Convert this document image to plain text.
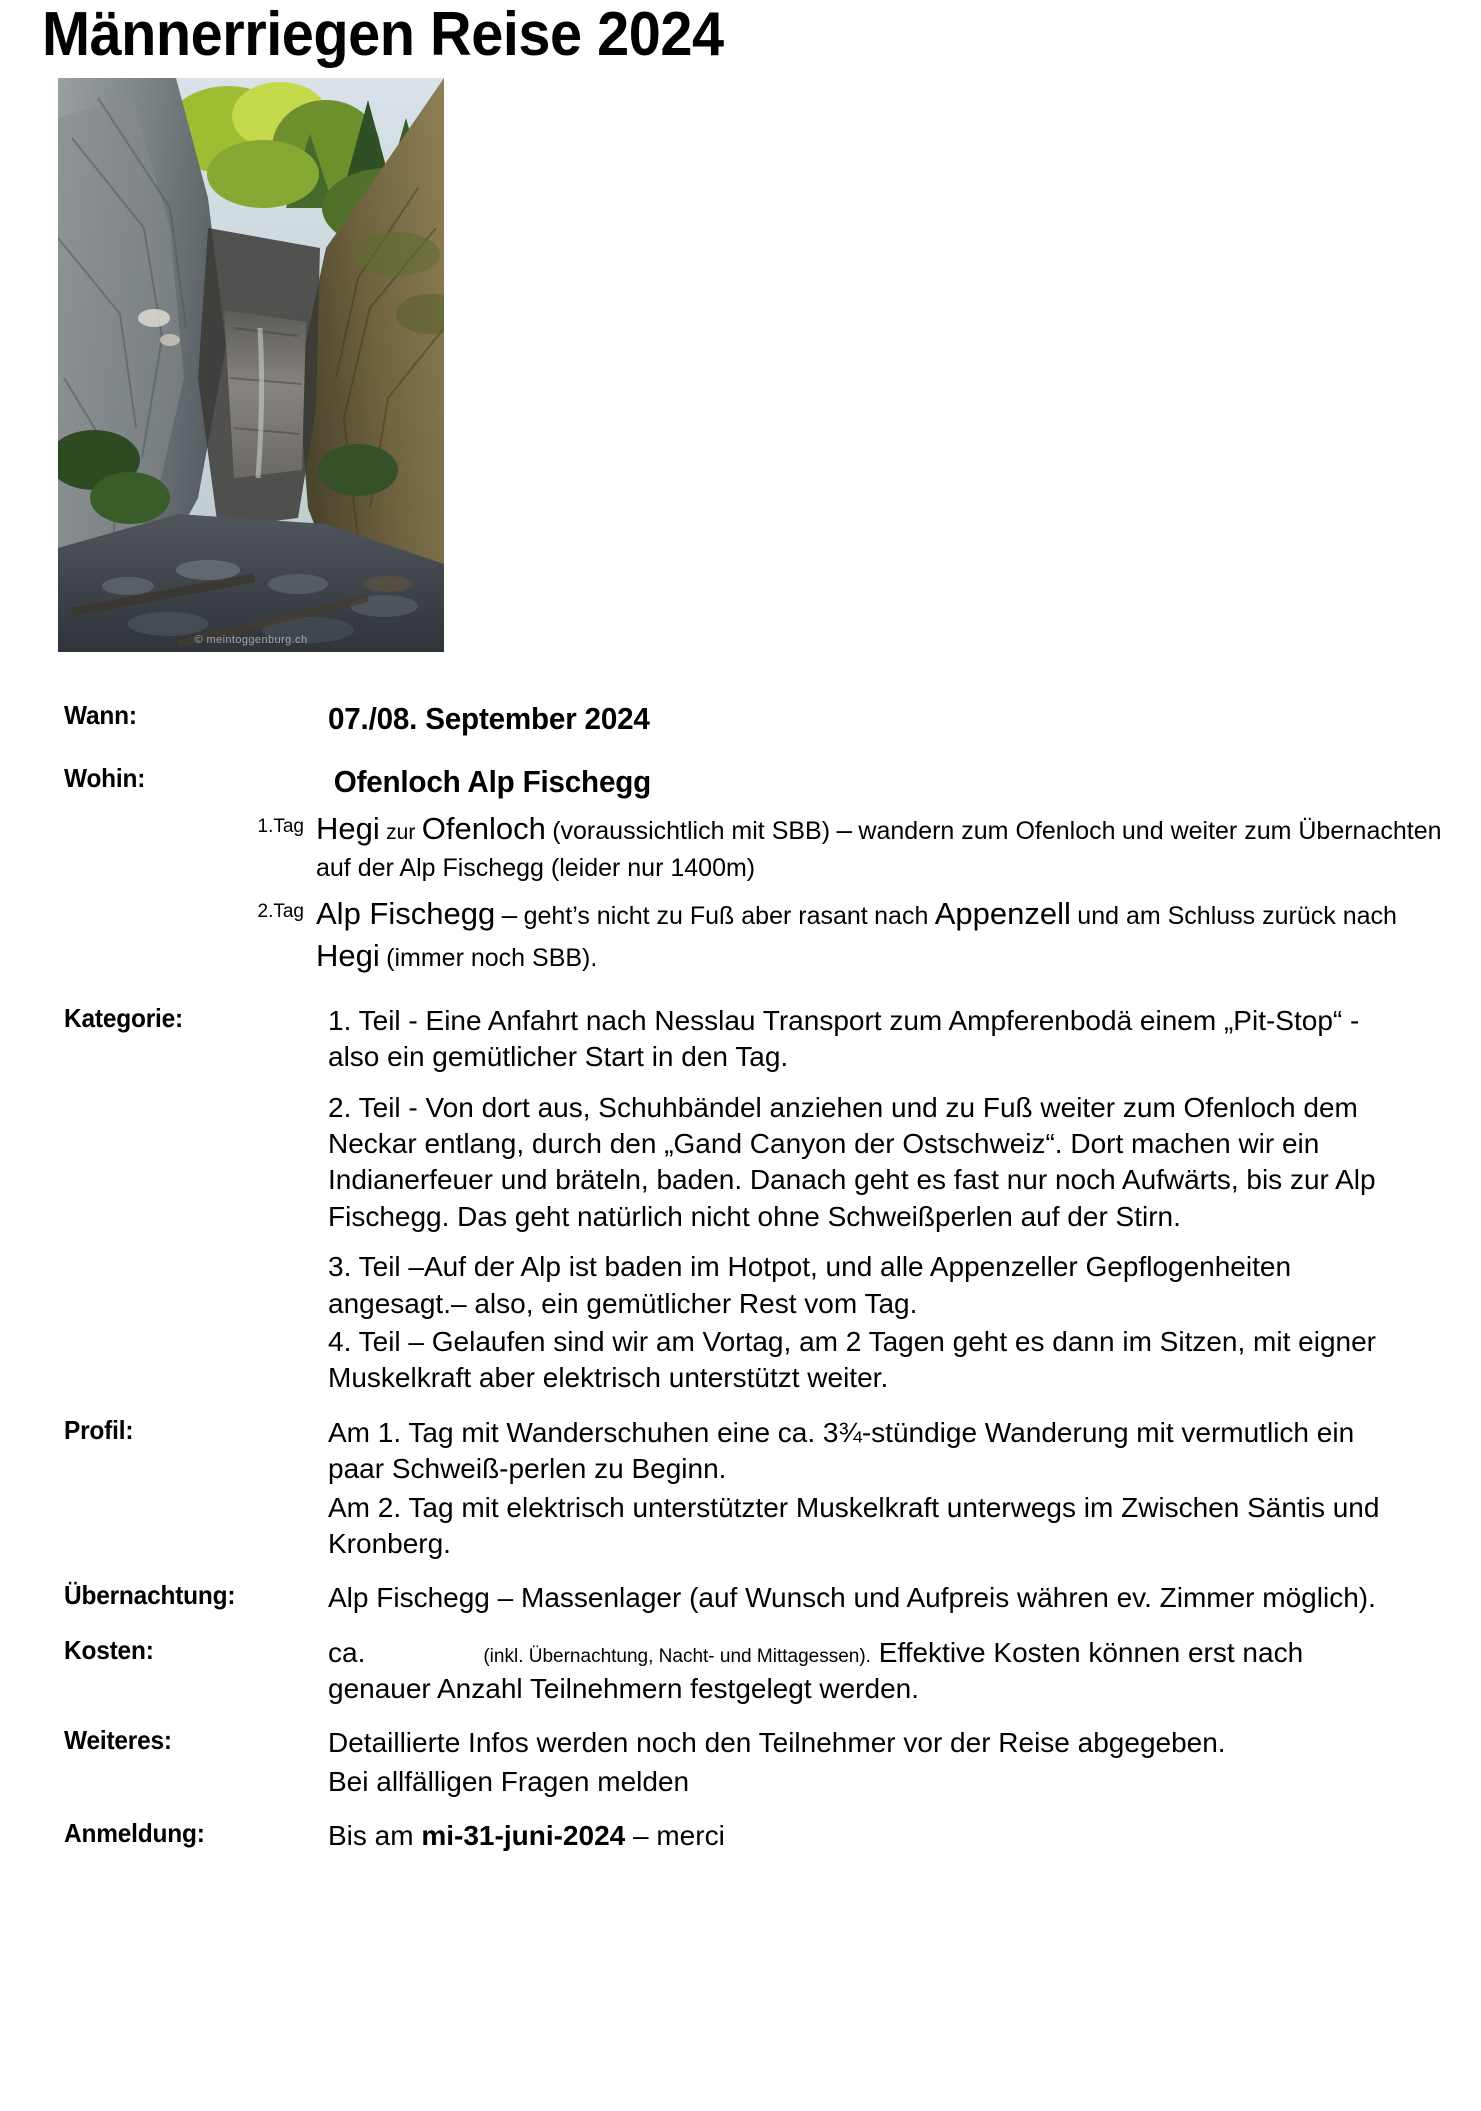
Männerriegen Reise 2024
© meintoggenburg.ch
Wann:	07./08. September 2024
Wohin:	Ofenloch Alp Fischegg
1.Tag Hegi zur Ofenloch (voraussichtlich mit SBB) – wandern zum Ofenloch und weiter zum Übernachten auf der Alp Fischegg (leider nur 1400m)
2.Tag Alp Fischegg – geht’s nicht zu Fuß aber rasant nach Appenzell und am Schluss zurück nach Hegi (immer noch SBB).
Kategorie:	1. Teil - Eine Anfahrt nach Nesslau Transport zum Ampferenbodä einem „Pit-Stop“ - also ein gemütlicher Start in den Tag.

2. Teil - Von dort aus, Schuhbändel anziehen und zu Fuß weiter zum Ofenloch dem Neckar entlang, durch den „Gand Canyon der Ostschweiz“. Dort machen wir ein Indianerfeuer und bräteln, baden. Danach geht es fast nur noch Aufwärts, bis zur Alp Fischegg. Das geht natürlich nicht ohne Schweißperlen auf der Stirn.

3. Teil –Auf der Alp ist baden im Hotpot, und alle Appenzeller Gepflogenheiten angesagt.– also, ein gemütlicher Rest vom Tag.

4. Teil – Gelaufen sind wir am Vortag, am 2 Tagen geht es dann im Sitzen, mit eigner Muskelkraft aber elektrisch unterstützt weiter.

Profil:	Am 1. Tag mit Wanderschuhen eine ca. 3¾-stündige Wanderung mit vermutlich ein paar Schweiß-perlen zu Beginn.

Am 2. Tag mit elektrisch unterstützter Muskelkraft unterwegs im Zwischen Säntis und Kronberg.

Übernachtung:	Alp Fischegg – Massenlager (auf Wunsch und Aufpreis währen ev. Zimmer möglich).

Kosten:	ca.	(inkl. Übernachtung, Nacht- und Mittagessen). Effektive Kosten können erst nach genauer Anzahl Teilnehmern festgelegt werden.

Weiteres:	Detaillierte Infos werden noch den Teilnehmer vor der Reise abgegeben.

Bei allfälligen Fragen melden

Anmeldung:	Bis am mi-31-juni-2024 – merci
